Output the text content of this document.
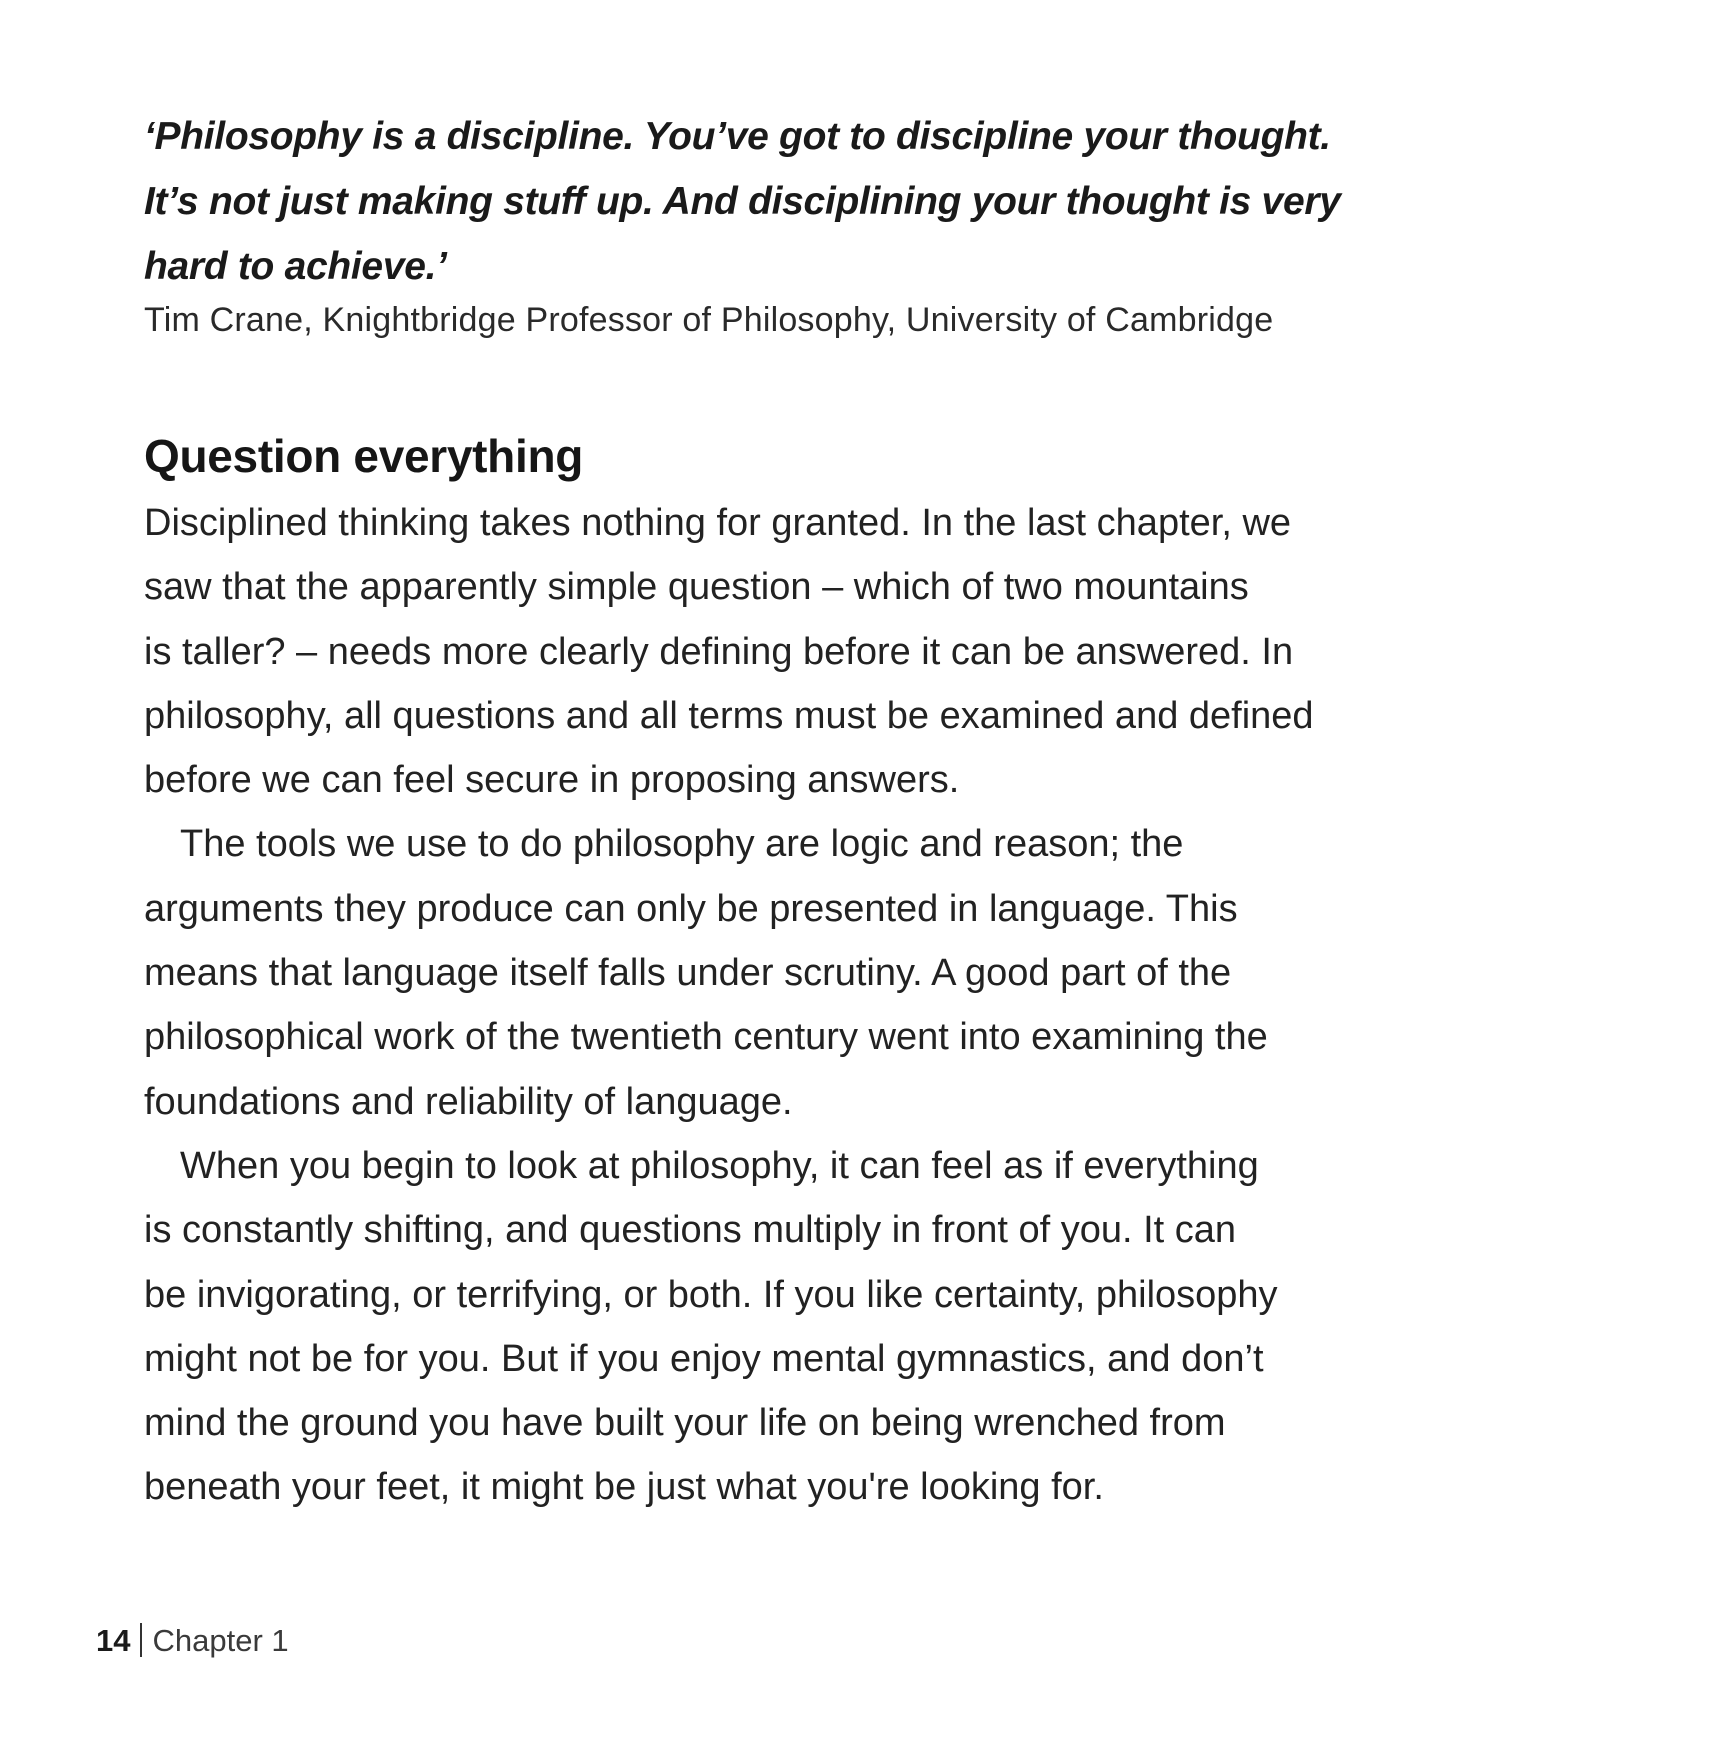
‘Philosophy is a discipline. You’ve got to discipline your thought.
It’s not just making stuff up. And disciplining your thought is very
hard to achieve.’

Tim Crane, Knightbridge Professor of Philosophy, University of Cambridge

Question everything
Disciplined thinking takes nothing for granted. In the last chapter, we
saw that the apparently simple question – which of two mountains
is taller? – needs more clearly defining before it can be answered. In
philosophy, all questions and all terms must be examined and defined
before we can feel secure in proposing answers.
The tools we use to do philosophy are logic and reason; the
arguments they produce can only be presented in language. This
means that language itself falls under scrutiny. A good part of the
philosophical work of the twentieth century went into examining the
foundations and reliability of language.
When you begin to look at philosophy, it can feel as if everything
is constantly shifting, and questions multiply in front of you. It can
be invigorating, or terrifying, or both. If you like certainty, philosophy
might not be for you. But if you enjoy mental gymnastics, and don’t
mind the ground you have built your life on being wrenched from
beneath your feet, it might be just what you're looking for.
14 Chapter 1
